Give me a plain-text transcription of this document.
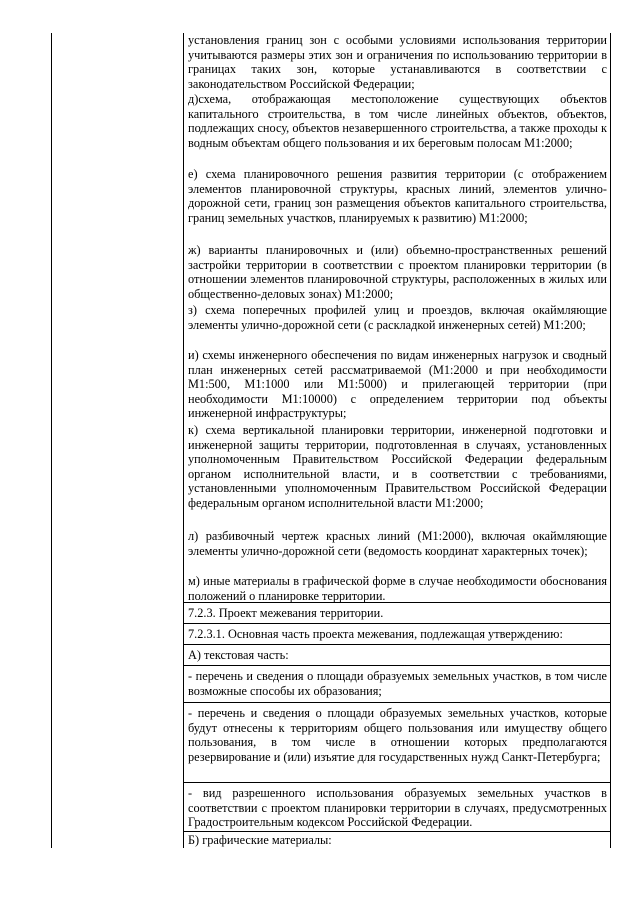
установления границ зон с особыми условиями использования территории учитываются размеры этих зон и ограничения по использованию территории в границах таких зон, которые устанавливаются в соответствии с законодательством Российской Федерации;
д)схема, отображающая местоположение существующих объектов капитального строительства, в том числе линейных объектов, объектов, подлежащих сносу, объектов незавершенного строительства, а также проходы к водным объектам общего пользования и их береговым полосам М1:2000;
е) схема планировочного решения развития территории (с отображением элементов планировочной структуры, красных линий, элементов улично-дорожной сети, границ зон размещения объектов капитального строительства, границ земельных участков, планируемых к развитию) М1:2000;
ж) варианты планировочных и (или) объемно-пространственных решений застройки территории в соответствии с проектом планировки территории (в отношении элементов планировочной структуры, расположенных в жилых или общественно-деловых зонах) М1:2000;
з) схема поперечных профилей улиц и проездов, включая окаймляющие элементы улично-дорожной сети (с раскладкой инженерных сетей) М1:200;
и) схемы инженерного обеспечения по видам инженерных нагрузок и сводный план инженерных сетей рассматриваемой (М1:2000 и при необходимости М1:500, М1:1000 или М1:5000) и прилегающей территории (при необходимости М1:10000) с определением территории под объекты инженерной инфраструктуры;
к) схема вертикальной планировки территории, инженерной подготовки и инженерной защиты территории, подготовленная в случаях, установленных уполномоченным Правительством Российской Федерации федеральным органом исполнительной власти, и в соответствии с требованиями, установленными уполномоченным Правительством Российской Федерации федеральным органом исполнительной власти М1:2000;
л) разбивочный чертеж красных линий (М1:2000), включая окаймляющие элементы улично-дорожной сети (ведомость координат характерных точек);
м) иные материалы в графической форме в случае необходимости обоснования положений о планировке территории.
7.2.3. Проект межевания территории.
7.2.3.1. Основная часть проекта межевания, подлежащая утверждению:
А) текстовая часть:
- перечень и сведения о площади образуемых земельных участков, в том числе возможные способы их образования;
- перечень и сведения о площади образуемых земельных участков, которые будут отнесены к территориям общего пользования или имуществу общего пользования, в том числе в отношении которых предполагаются резервирование и (или) изъятие для государственных нужд Санкт-Петербурга;
- вид разрешенного использования образуемых земельных участков в соответствии с проектом планировки территории в случаях, предусмотренных Градостроительным кодексом Российской Федерации.
Б) графические материалы:
